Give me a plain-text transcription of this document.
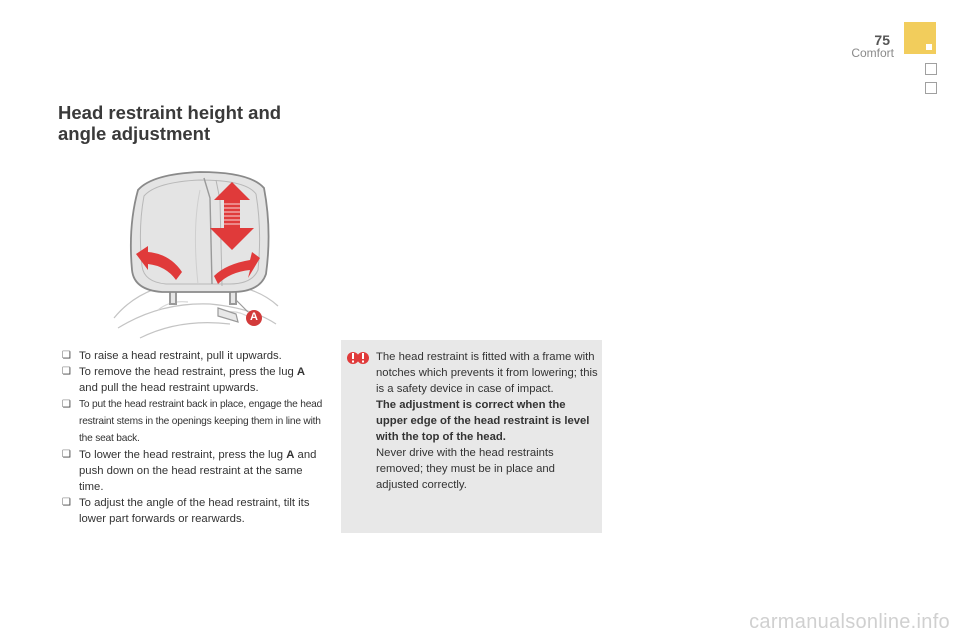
75
Comfort
Head restraint height and
angle adjustment
A
❏ To raise a head restraint, pull it upwards.
❏ To remove the head restraint, press the lug A and pull the head restraint upwards.
❏ To put the head restraint back in place, engage the head restraint stems in the openings keeping them in line with the seat back.
❏ To lower the head restraint, press the lug A and push down on the head restraint at the same time.
❏ To adjust the angle of the head restraint, tilt its lower part forwards or rearwards.

The head restraint is fitted with a frame with notches which prevents it from lowering; this is a safety device in case of impact.

The adjustment is correct when the upper edge of the head restraint is level with the top of the head.

Never drive with the head restraints removed; they must be in place and adjusted correctly.

carmanualsonline.info
